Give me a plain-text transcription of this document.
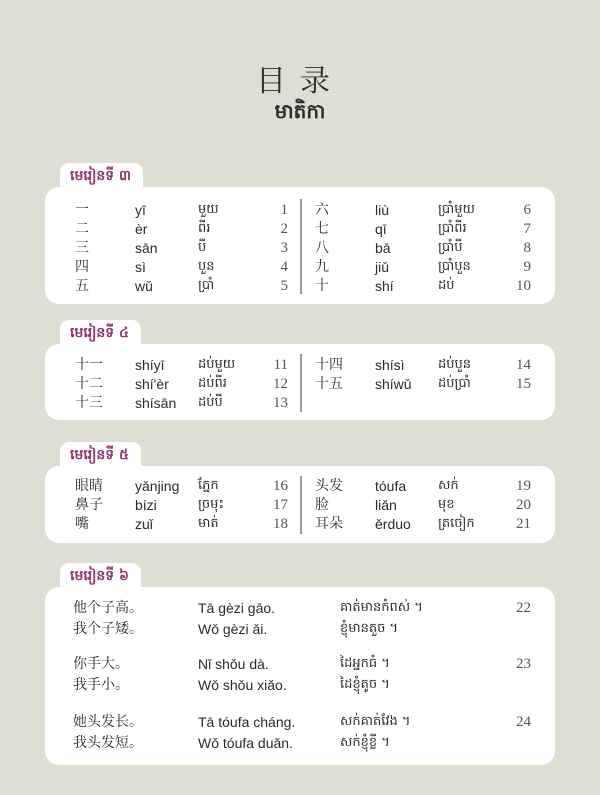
目录
មាតិកា
មេរៀនទី ៣
មេរៀនទី ៤
មេរៀនទី ៥
មេរៀនទី ៦
一	yī	មួយ	1
二	èr	ពីរ	2
三	sān	បី	3
四	sì	បួន	4
五	wǔ	ប្រាំ	5
六	liù	ប្រាំមួយ	6
七	qī	ប្រាំពីរ	7
八	bā	ប្រាំបី	8
九	jiǔ	ប្រាំបួន	9
十	shí	ដប់	10
十一 shíyī	ដប់មួយ	11
十二 shí'èr ដប់ពីរ	12
十三 shísān ដប់បី	13
十四 shísì	ដប់បួន	14
十五 shíwǔ ដប់ប្រាំ	15
眼睛 yǎnjing ភ្នែក	16
鼻子 bízi	ច្រមុះ	17
嘴	zuǐ	មាត់	18
头发 tóufa សក់	19
脸	liǎn	មុខ	20
耳朵 ěrduo ត្រចៀក	21
他个子高。	Tā gèzi gāo.	គាត់មានកំពស់ ។
我个子矮。	Wǒ gèzi ǎi.	ខ្ញុំមានតួច ។
22
你手大。	Nǐ shǒu dà.	ដៃអ្នកធំ ។
我手小。	Wǒ shǒu xiǎo.	ដៃខ្ញុំតូច ។
23
她头发长。	Tā tóufa cháng.	សក់គាត់វែង ។
我头发短。	Wǒ tóufa duǎn.	សក់ខ្ញុំខ្លី ។
24
